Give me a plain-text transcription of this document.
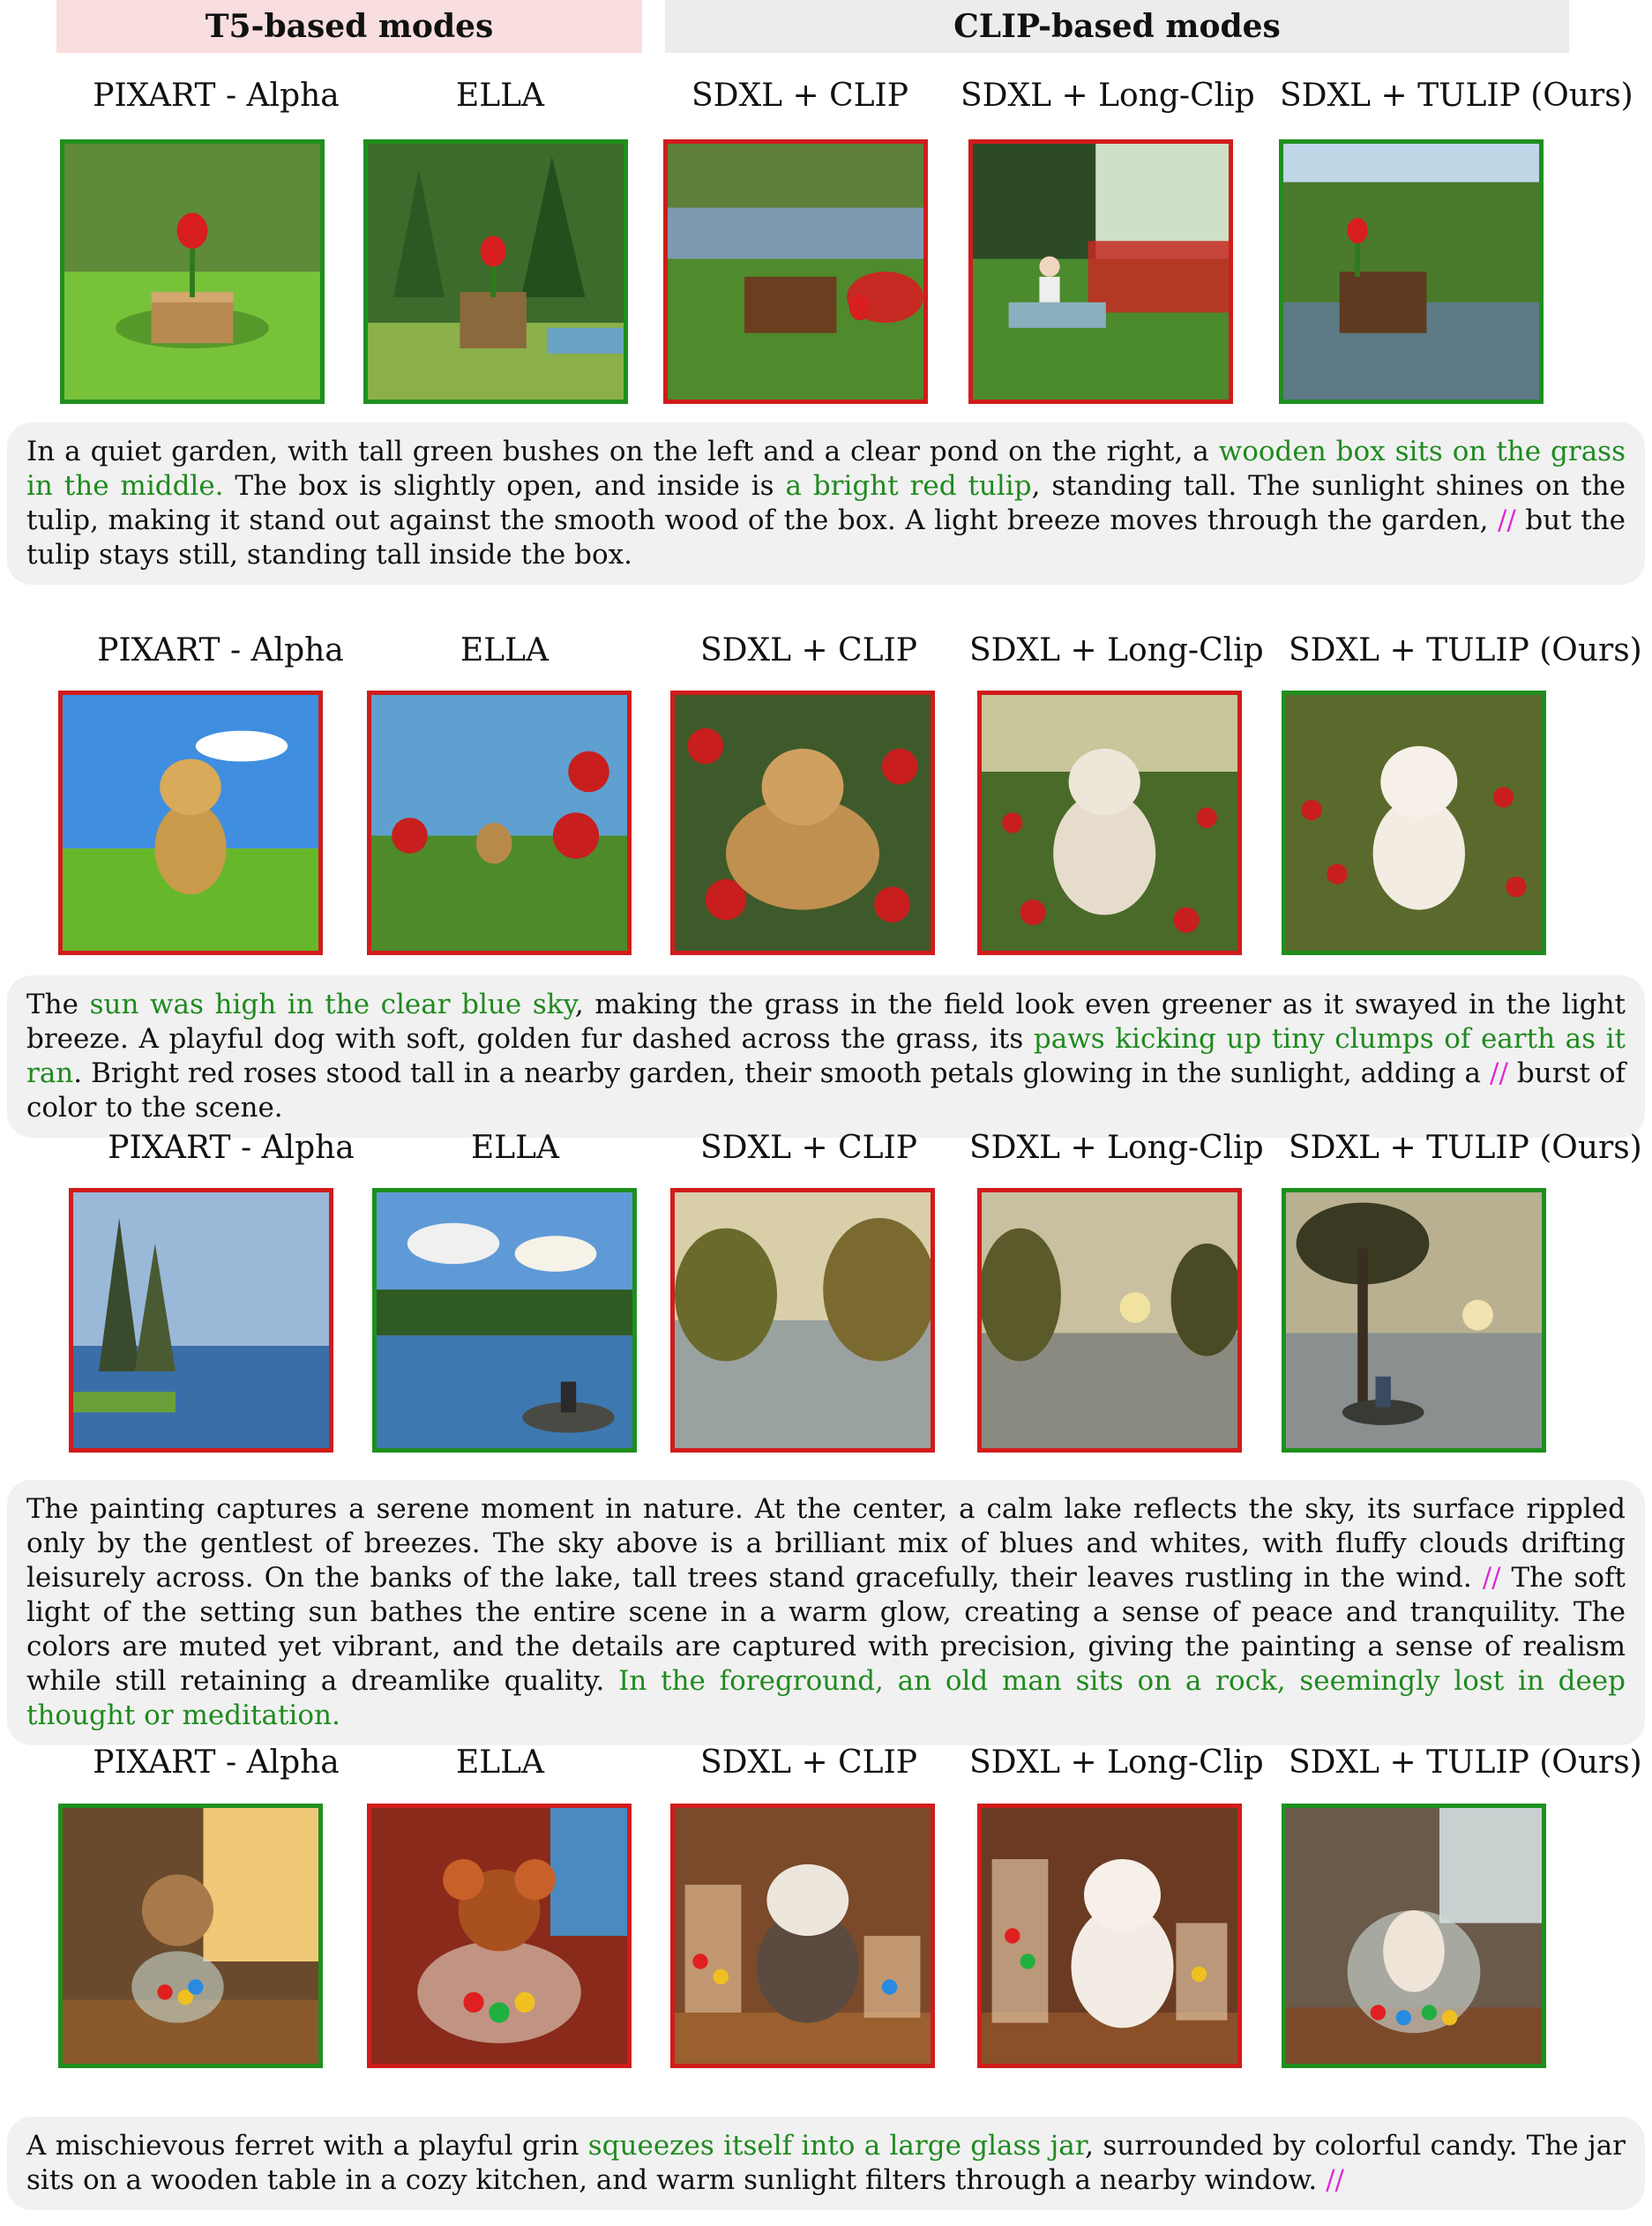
T5-based modes	CLIP-based modes
PIXART - Alpha	ELLA	SDXL + CLIP	SDXL + Long-Clip SDXL + TULIP (Ours)
In a quiet garden, with tall green bushes on the left and a clear pond on the right, a wooden box sits on the grass in the middle. The box is slightly open, and inside is a bright red tulip, standing tall. The sunlight shines on the tulip, making it stand out against the smooth wood of the box. A light breeze moves through the garden, // but the tulip stays still, standing tall inside the box.
PIXART - Alpha	ELLA	SDXL + CLIP	SDXL + Long-Clip SDXL + TULIP (Ours)
The sun was high in the clear blue sky, making the grass in the field look even greener as it swayed in the light breeze. A playful dog with soft, golden fur dashed across the grass, its paws kicking up tiny clumps of earth as it ran. Bright red roses stood tall in a nearby garden, their smooth petals glowing in the sunlight, adding a // burst of color to the scene.
PIXART - Alpha	ELLA	SDXL + CLIP	SDXL + Long-Clip SDXL + TULIP (Ours)
The painting captures a serene moment in nature. At the center, a calm lake reflects the sky, its surface rippled only by the gentlest of breezes. The sky above is a brilliant mix of blues and whites, with fluffy clouds drifting leisurely across. On the banks of the lake, tall trees stand gracefully, their leaves rustling in the wind. // The soft light of the setting sun bathes the entire scene in a warm glow, creating a sense of peace and tranquility. The colors are muted yet vibrant, and the details are captured with precision, giving the painting a sense of realism while still retaining a dreamlike quality. In the foreground, an old man sits on a rock, seemingly lost in deep thought or meditation.
PIXART - Alpha	ELLA	SDXL + CLIP	SDXL + Long-Clip SDXL + TULIP (Ours)
A mischievous ferret with a playful grin squeezes itself into a large glass jar, surrounded by colorful candy. The jar sits on a wooden table in a cozy kitchen, and warm sunlight filters through a nearby window. //
